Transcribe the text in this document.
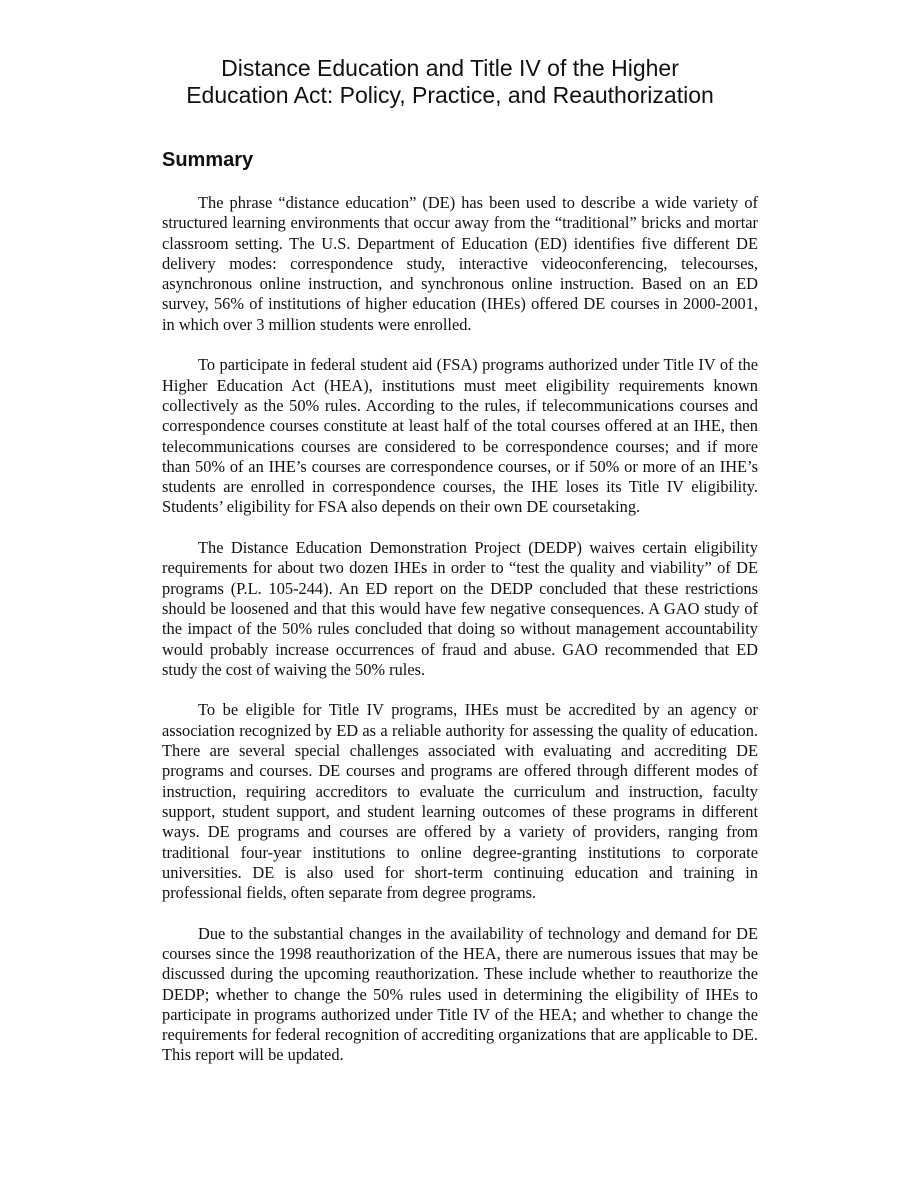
Distance Education and Title IV of the Higher
Education Act: Policy, Practice, and Reauthorization
Summary

The phrase “distance education” (DE) has been used to describe a wide variety of structured learning environments that occur away from the “traditional” bricks and mortar classroom setting. The U.S. Department of Education (ED) identifies five different DE delivery modes: correspondence study, interactive videoconferencing, telecourses, asynchronous online instruction, and synchronous online instruction. Based on an ED survey, 56% of institutions of higher education (IHEs) offered DE courses in 2000-2001, in which over 3 million students were enrolled.

To participate in federal student aid (FSA) programs authorized under Title IV of the Higher Education Act (HEA), institutions must meet eligibility requirements known collectively as the 50% rules. According to the rules, if telecommunications courses and correspondence courses constitute at least half of the total courses offered at an IHE, then telecommunications courses are considered to be correspondence courses; and if more than 50% of an IHE’s courses are correspondence courses, or if 50% or more of an IHE’s students are enrolled in correspondence courses, the IHE loses its Title IV eligibility. Students’ eligibility for FSA also depends on their own DE coursetaking.

The Distance Education Demonstration Project (DEDP) waives certain eligibility requirements for about two dozen IHEs in order to “test the quality and viability” of DE programs (P.L. 105-244). An ED report on the DEDP concluded that these restrictions should be loosened and that this would have few negative consequences. A GAO study of the impact of the 50% rules concluded that doing so without management accountability would probably increase occurrences of fraud and abuse. GAO recommended that ED study the cost of waiving the 50% rules.

To be eligible for Title IV programs, IHEs must be accredited by an agency or association recognized by ED as a reliable authority for assessing the quality of education. There are several special challenges associated with evaluating and accrediting DE programs and courses. DE courses and programs are offered through different modes of instruction, requiring accreditors to evaluate the curriculum and instruction, faculty support, student support, and student learning outcomes of these programs in different ways. DE programs and courses are offered by a variety of providers, ranging from traditional four-year institutions to online degree-granting institutions to corporate universities. DE is also used for short-term continuing education and training in professional fields, often separate from degree programs.

Due to the substantial changes in the availability of technology and demand for DE courses since the 1998 reauthorization of the HEA, there are numerous issues that may be discussed during the upcoming reauthorization. These include whether to reauthorize the DEDP; whether to change the 50% rules used in determining the eligibility of IHEs to participate in programs authorized under Title IV of the HEA; and whether to change the requirements for federal recognition of accrediting organizations that are applicable to DE. This report will be updated.
